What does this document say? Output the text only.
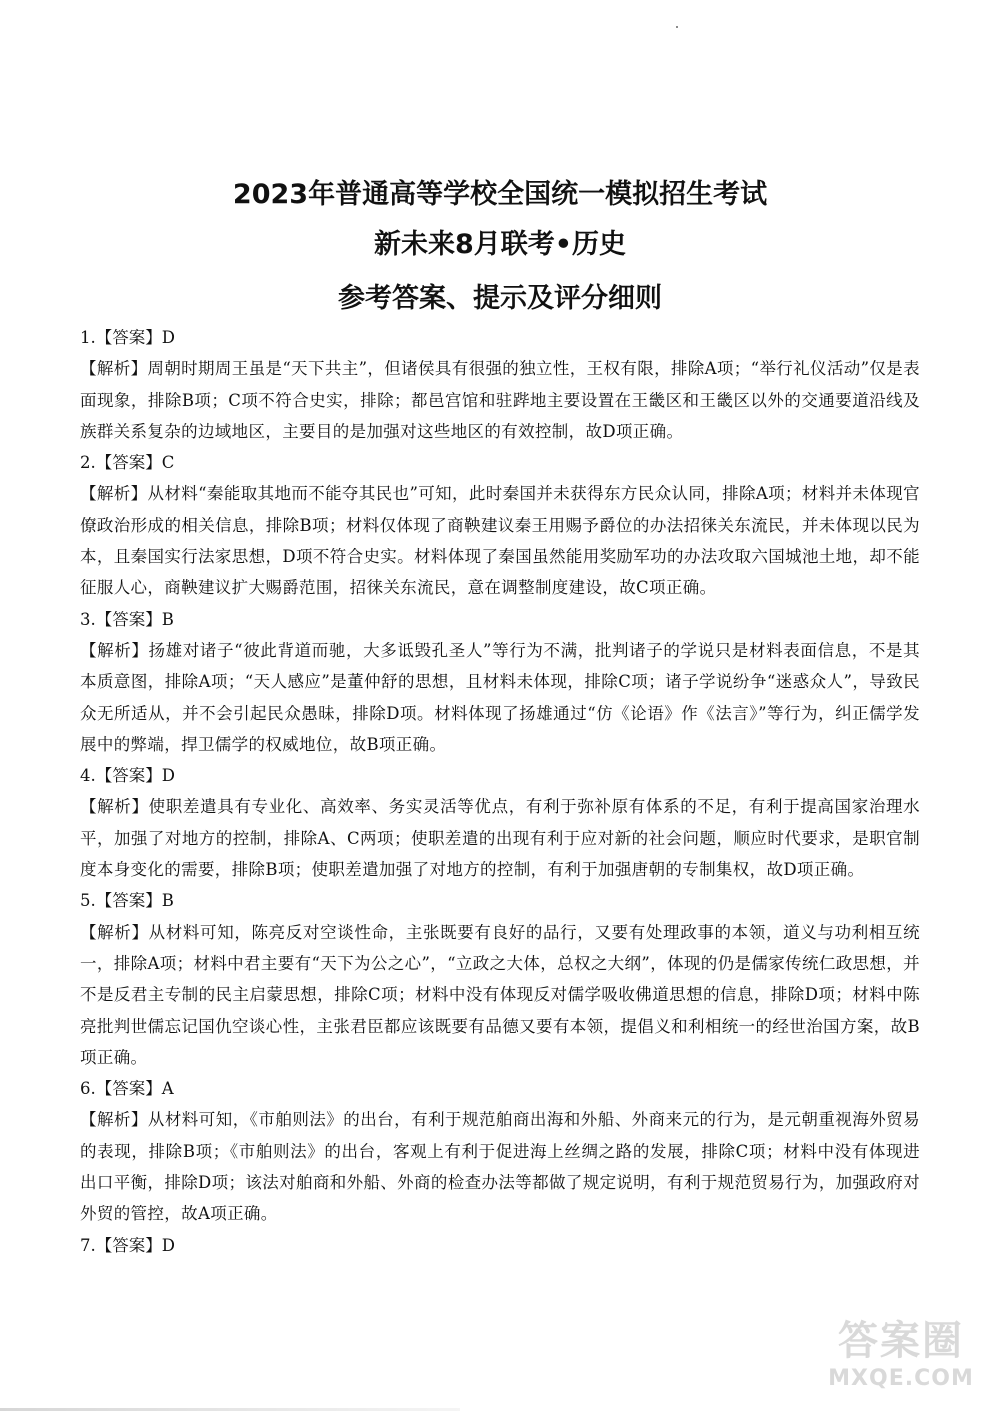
2023年普通高等学校全国统一模拟招生考试
新未来8月联考•历史
参考答案、提示及评分细则

1.【答案】D

【解析】周朝时期周王虽是“天下共主”，但诸侯具有很强的独立性，王权有限，排除A项；“举行礼仪活动”仅是表面现象，排除B项；C项不符合史实，排除；都邑宫馆和驻跸地主要设置在王畿区和王畿区以外的交通要道沿线及族群关系复杂的边域地区，主要目的是加强对这些地区的有效控制，故D项正确。

2.【答案】C

【解析】从材料“秦能取其地而不能夺其民也”可知，此时秦国并未获得东方民众认同，排除A项；材料并未体现官僚政治形成的相关信息，排除B项；材料仅体现了商鞅建议秦王用赐予爵位的办法招徕关东流民，并未体现以民为本，且秦国实行法家思想，D项不符合史实。材料体现了秦国虽然能用奖励军功的办法攻取六国城池土地，却不能征服人心，商鞅建议扩大赐爵范围，招徕关东流民，意在调整制度建设，故C项正确。

3.【答案】B

【解析】扬雄对诸子“彼此背道而驰，大多诋毁孔圣人”等行为不满，批判诸子的学说只是材料表面信息，不是其本质意图，排除A项；“天人感应”是董仲舒的思想，且材料未体现，排除C项；诸子学说纷争“迷惑众人”，导致民众无所适从，并不会引起民众愚昧，排除D项。材料体现了扬雄通过“仿《论语》作《法言》”等行为，纠正儒学发展中的弊端，捍卫儒学的权威地位，故B项正确。

4.【答案】D

【解析】使职差遣具有专业化、高效率、务实灵活等优点，有利于弥补原有体系的不足，有利于提高国家治理水平，加强了对地方的控制，排除A、C两项；使职差遣的出现有利于应对新的社会问题，顺应时代要求，是职官制度本身变化的需要，排除B项；使职差遣加强了对地方的控制，有利于加强唐朝的专制集权，故D项正确。

5.【答案】B

【解析】从材料可知，陈亮反对空谈性命，主张既要有良好的品行，又要有处理政事的本领，道义与功利相互统一，排除A项；材料中君主要有“天下为公之心”，“立政之大体，总权之大纲”，体现的仍是儒家传统仁政思想，并不是反君主专制的民主启蒙思想，排除C项；材料中没有体现反对儒学吸收佛道思想的信息，排除D项；材料中陈亮批判世儒忘记国仇空谈心性，主张君臣都应该既要有品德又要有本领，提倡义和利相统一的经世治国方案，故B项正确。

6.【答案】A

【解析】从材料可知，《市舶则法》的出台，有利于规范舶商出海和外船、外商来元的行为，是元朝重视海外贸易的表现，排除B项；《市舶则法》的出台，客观上有利于促进海上丝绸之路的发展，排除C项；材料中没有体现进出口平衡，排除D项；该法对舶商和外船、外商的检查办法等都做了规定说明，有利于规范贸易行为，加强政府对外贸的管控，故A项正确。

7.【答案】D

答案圈
MXQE.COM
